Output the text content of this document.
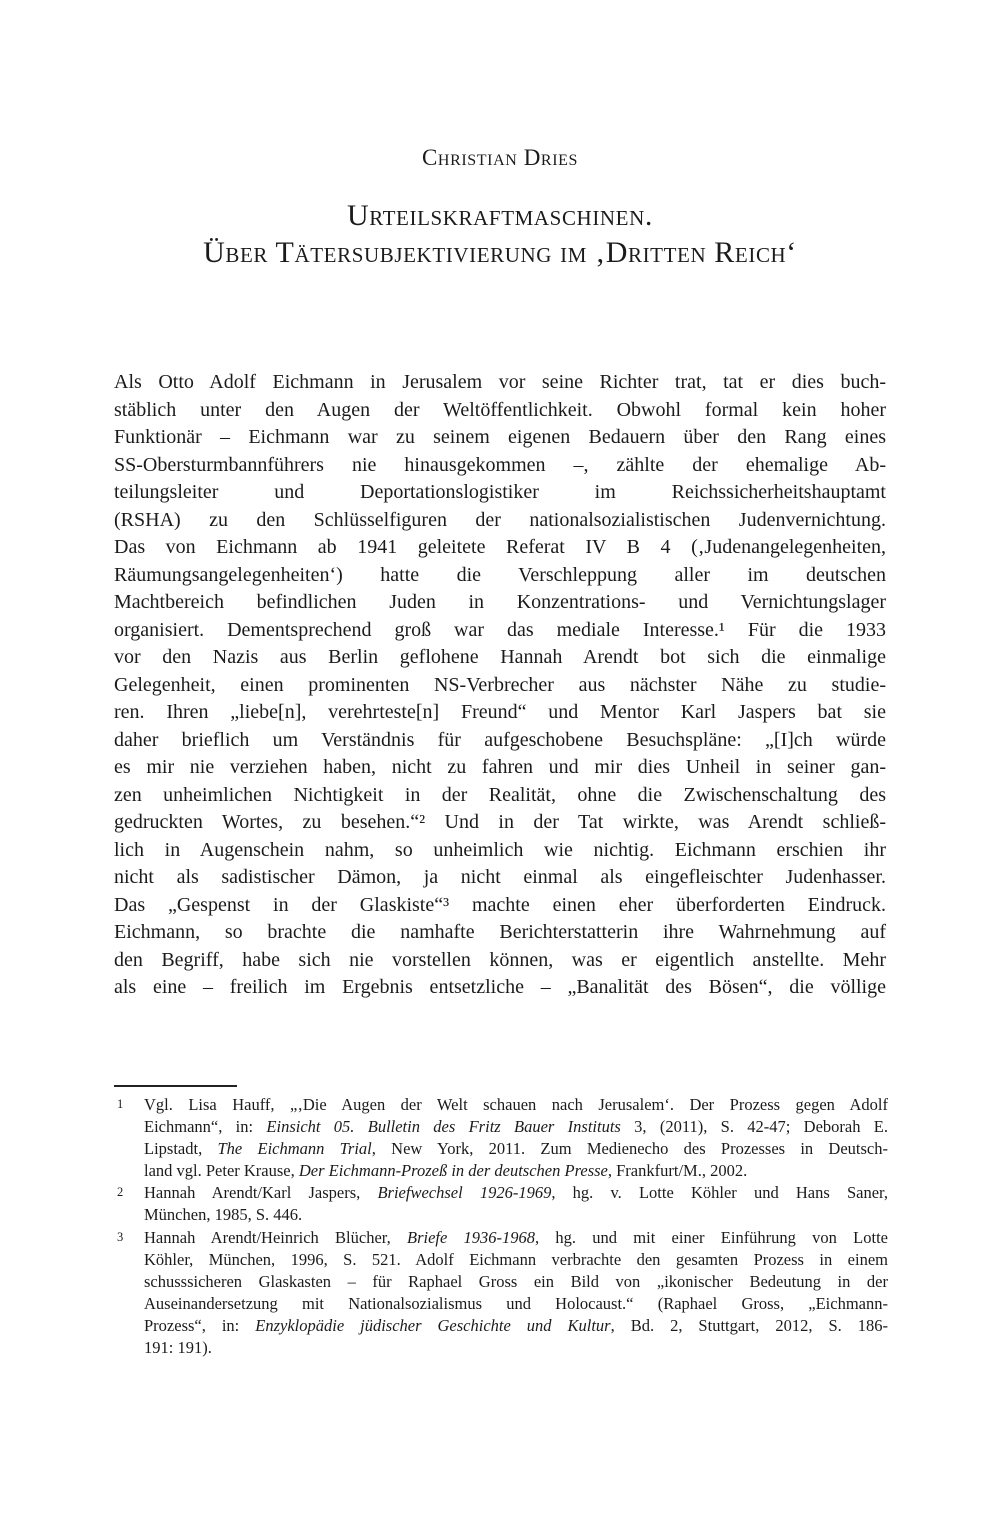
Christian Dries
Urteilskraftmaschinen.
Über Tätersubjektivierung im ‚Dritten Reich‘
Als Otto Adolf Eichmann in Jerusalem vor seine Richter trat, tat er dies buch-
stäblich unter den Augen der Weltöffentlichkeit. Obwohl formal kein hoher
Funktionär – Eichmann war zu seinem eigenen Bedauern über den Rang eines
SS-Obersturmbannführers nie hinausgekommen –, zählte der ehemalige Ab-
teilungsleiter und Deportationslogistiker im Reichssicherheitshauptamt
(RSHA) zu den Schlüsselfiguren der nationalsozialistischen Judenvernichtung.
Das von Eichmann ab 1941 geleitete Referat IV B 4 (‚Judenangelegenheiten,
Räumungsangelegenheiten‘) hatte die Verschleppung aller im deutschen
Machtbereich befindlichen Juden in Konzentrations- und Vernichtungslager
organisiert. Dementsprechend groß war das mediale Interesse.¹ Für die 1933
vor den Nazis aus Berlin geflohene Hannah Arendt bot sich die einmalige
Gelegenheit, einen prominenten NS-Verbrecher aus nächster Nähe zu studie-
ren. Ihren „liebe[n], verehrteste[n] Freund“ und Mentor Karl Jaspers bat sie
daher brieflich um Verständnis für aufgeschobene Besuchspläne: „[I]ch würde
es mir nie verziehen haben, nicht zu fahren und mir dies Unheil in seiner gan-
zen unheimlichen Nichtigkeit in der Realität, ohne die Zwischenschaltung des
gedruckten Wortes, zu besehen.“² Und in der Tat wirkte, was Arendt schließ-
lich in Augenschein nahm, so unheimlich wie nichtig. Eichmann erschien ihr
nicht als sadistischer Dämon, ja nicht einmal als eingefleischter Judenhasser.
Das „Gespenst in der Glaskiste“³ machte einen eher überforderten Eindruck.
Eichmann, so brachte die namhafte Berichterstatterin ihre Wahrnehmung auf
den Begriff, habe sich nie vorstellen können, was er eigentlich anstellte. Mehr
als eine – freilich im Ergebnis entsetzliche – „Banalität des Bösen“, die völlige
1 Vgl. Lisa Hauff, „‚Die Augen der Welt schauen nach Jerusalem‘. Der Prozess gegen Adolf
Eichmann“, in: Einsicht 05. Bulletin des Fritz Bauer Instituts 3, (2011), S. 42-47; Deborah E.
Lipstadt, The Eichmann Trial, New York, 2011. Zum Medienecho des Prozesses in Deutsch-
land vgl. Peter Krause, Der Eichmann-Prozeß in der deutschen Presse, Frankfurt/M., 2002.
2 Hannah Arendt/Karl Jaspers, Briefwechsel 1926-1969, hg. v. Lotte Köhler und Hans Saner,
München, 1985, S. 446.
3 Hannah Arendt/Heinrich Blücher, Briefe 1936-1968, hg. und mit einer Einführung von Lotte
Köhler, München, 1996, S. 521. Adolf Eichmann verbrachte den gesamten Prozess in einem
schusssicheren Glaskasten – für Raphael Gross ein Bild von „ikonischer Bedeutung in der
Auseinandersetzung mit Nationalsozialismus und Holocaust.“ (Raphael Gross, „Eichmann-
Prozess“, in: Enzyklopädie jüdischer Geschichte und Kultur, Bd. 2, Stuttgart, 2012, S. 186-
191: 191).
